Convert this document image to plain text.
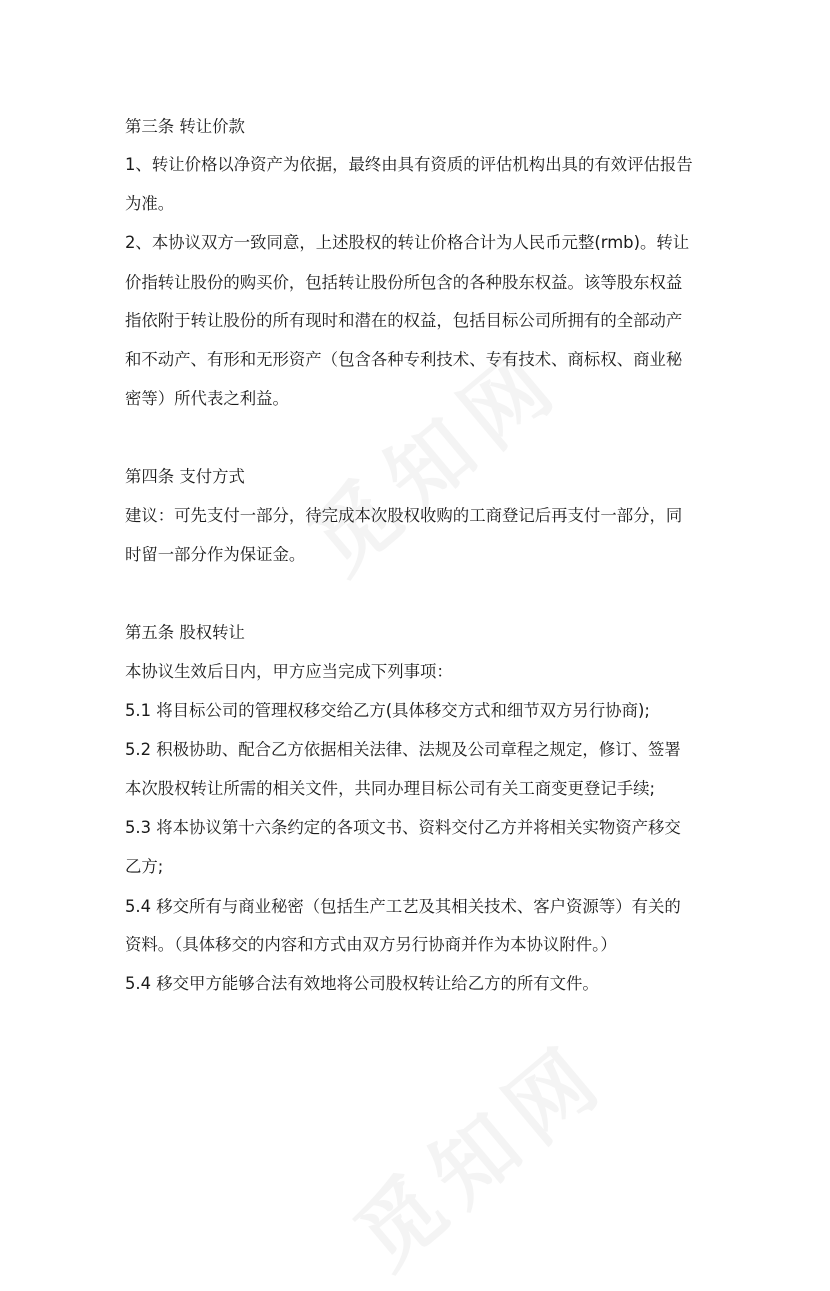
第三条 转让价款
1、转让价格以净资产为依据，最终由具有资质的评估机构出具的有效评估报告
为准。
2、本协议双方一致同意，上述股权的转让价格合计为人民币元整(rmb)。转让
价指转让股份的购买价，包括转让股份所包含的各种股东权益。该等股东权益
指依附于转让股份的所有现时和潜在的权益，包括目标公司所拥有的全部动产
和不动产、有形和无形资产（包含各种专利技术、专有技术、商标权、商业秘
密等）所代表之利益。
第四条 支付方式
建议：可先支付一部分，待完成本次股权收购的工商登记后再支付一部分，同
时留一部分作为保证金。
第五条 股权转让
本协议生效后日内，甲方应当完成下列事项：
5.1 将目标公司的管理权移交给乙方(具体移交方式和细节双方另行协商);
5.2 积极协助、配合乙方依据相关法律、法规及公司章程之规定，修订、签署
本次股权转让所需的相关文件，共同办理目标公司有关工商变更登记手续;
5.3 将本协议第十六条约定的各项文书、资料交付乙方并将相关实物资产移交
乙方;
5.4 移交所有与商业秘密（包括生产工艺及其相关技术、客户资源等）有关的
资料。（具体移交的内容和方式由双方另行协商并作为本协议附件。）
5.4 移交甲方能够合法有效地将公司股权转让给乙方的所有文件。
